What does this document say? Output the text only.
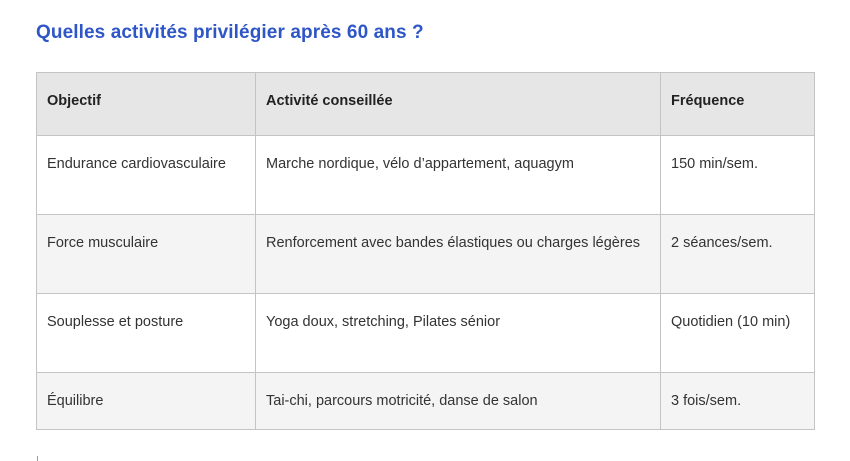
Quelles activités privilégier après 60 ans ?
Objectif	Activité conseillée	Fréquence
Endurance cardiovasculaire	Marche nordique, vélo d’appartement, aquagym	150 min/sem.
Force musculaire	Renforcement avec bandes élastiques ou charges légères	2 séances/sem.
Souplesse et posture	Yoga doux, stretching, Pilates sénior	Quotidien (10 min)
Équilibre	Tai-chi, parcours motricité, danse de salon	3 fois/sem.
